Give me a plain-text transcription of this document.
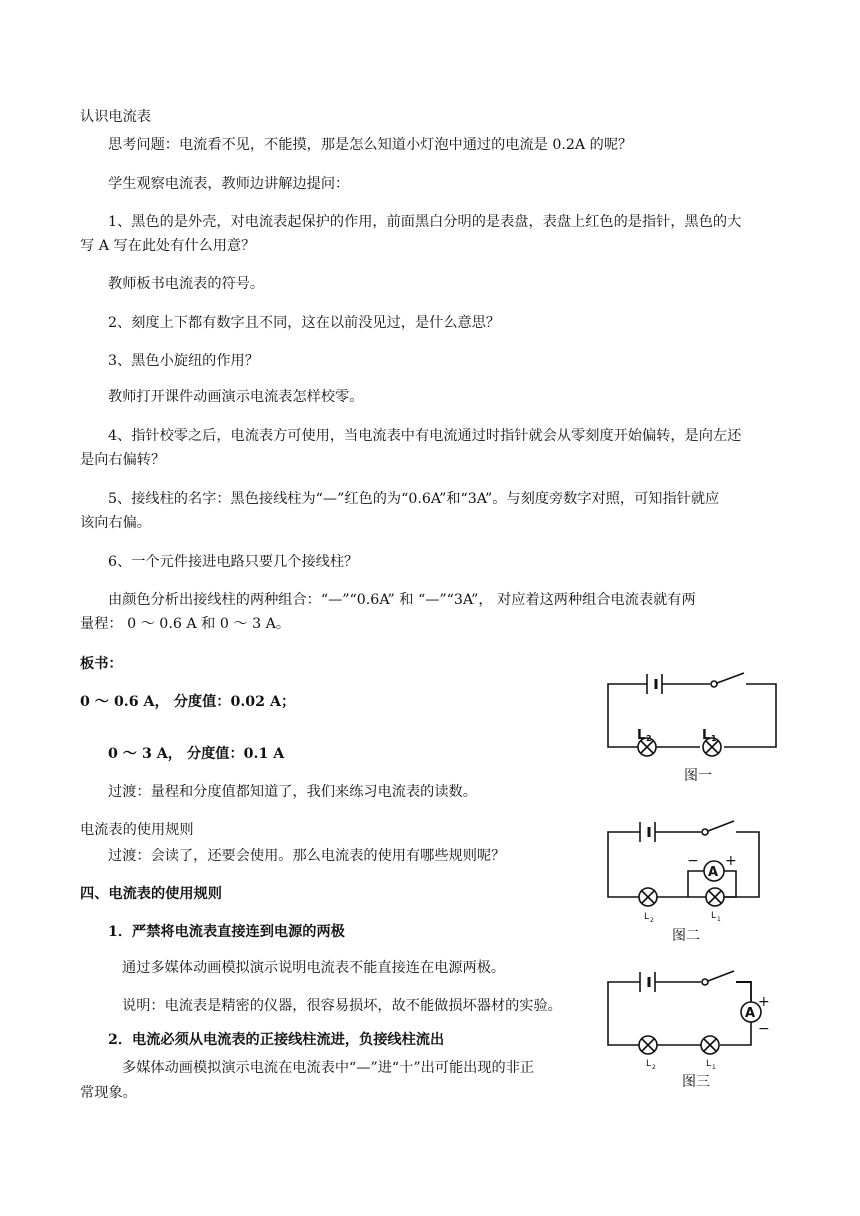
认识电流表
思考问题：电流看不见，不能摸，那是怎么知道小灯泡中通过的电流是 0.2A 的呢？
学生观察电流表，教师边讲解边提问：
1、黑色的是外壳，对电流表起保护的作用，前面黑白分明的是表盘，表盘上红色的是指针，黑色的大
写 A 写在此处有什么用意？
教师板书电流表的符号。
2、刻度上下都有数字且不同，这在以前没见过，是什么意思？
3、黑色小旋纽的作用？
教师打开课件动画演示电流表怎样校零。
4、指针校零之后，电流表方可使用，当电流表中有电流通过时指针就会从零刻度开始偏转，是向左还
是向右偏转？
5、接线柱的名字：黑色接线柱为“—”红色的为“0.6A”和“3A”。与刻度旁数字对照，可知指针就应
该向右偏。
6、一个元件接进电路只要几个接线柱？
由颜色分析出接线柱的两种组合：“—”“0.6A” 和 “—”“3A”， 对应着这两种组合电流表就有两
量程： 0 ～ 0.6 A 和 0 ～ 3 A。
板书：
0 ～ 0.6 A， 分度值：0.02 A；
0 ～ 3 A， 分度值：0.1 A
过渡：量程和分度值都知道了，我们来练习电流表的读数。
电流表的使用规则
过渡：会读了，还要会使用。那么电流表的使用有哪些规则呢？
四、电流表的使用规则
1．严禁将电流表直接连到电源的两极
通过多媒体动画模拟演示说明电流表不能直接连在电源两极。
说明：电流表是精密的仪器，很容易损坏，故不能做损坏器材的实验。
2．电流必须从电流表的正接线柱流进，负接线柱流出
多媒体动画模拟演示电流在电流表中“—”进“十”出可能出现的非正
常现象。
L 2	L 1
图一
A
− +
L 2	L 1
图二
A
+
−
L 2	L 1
图三
